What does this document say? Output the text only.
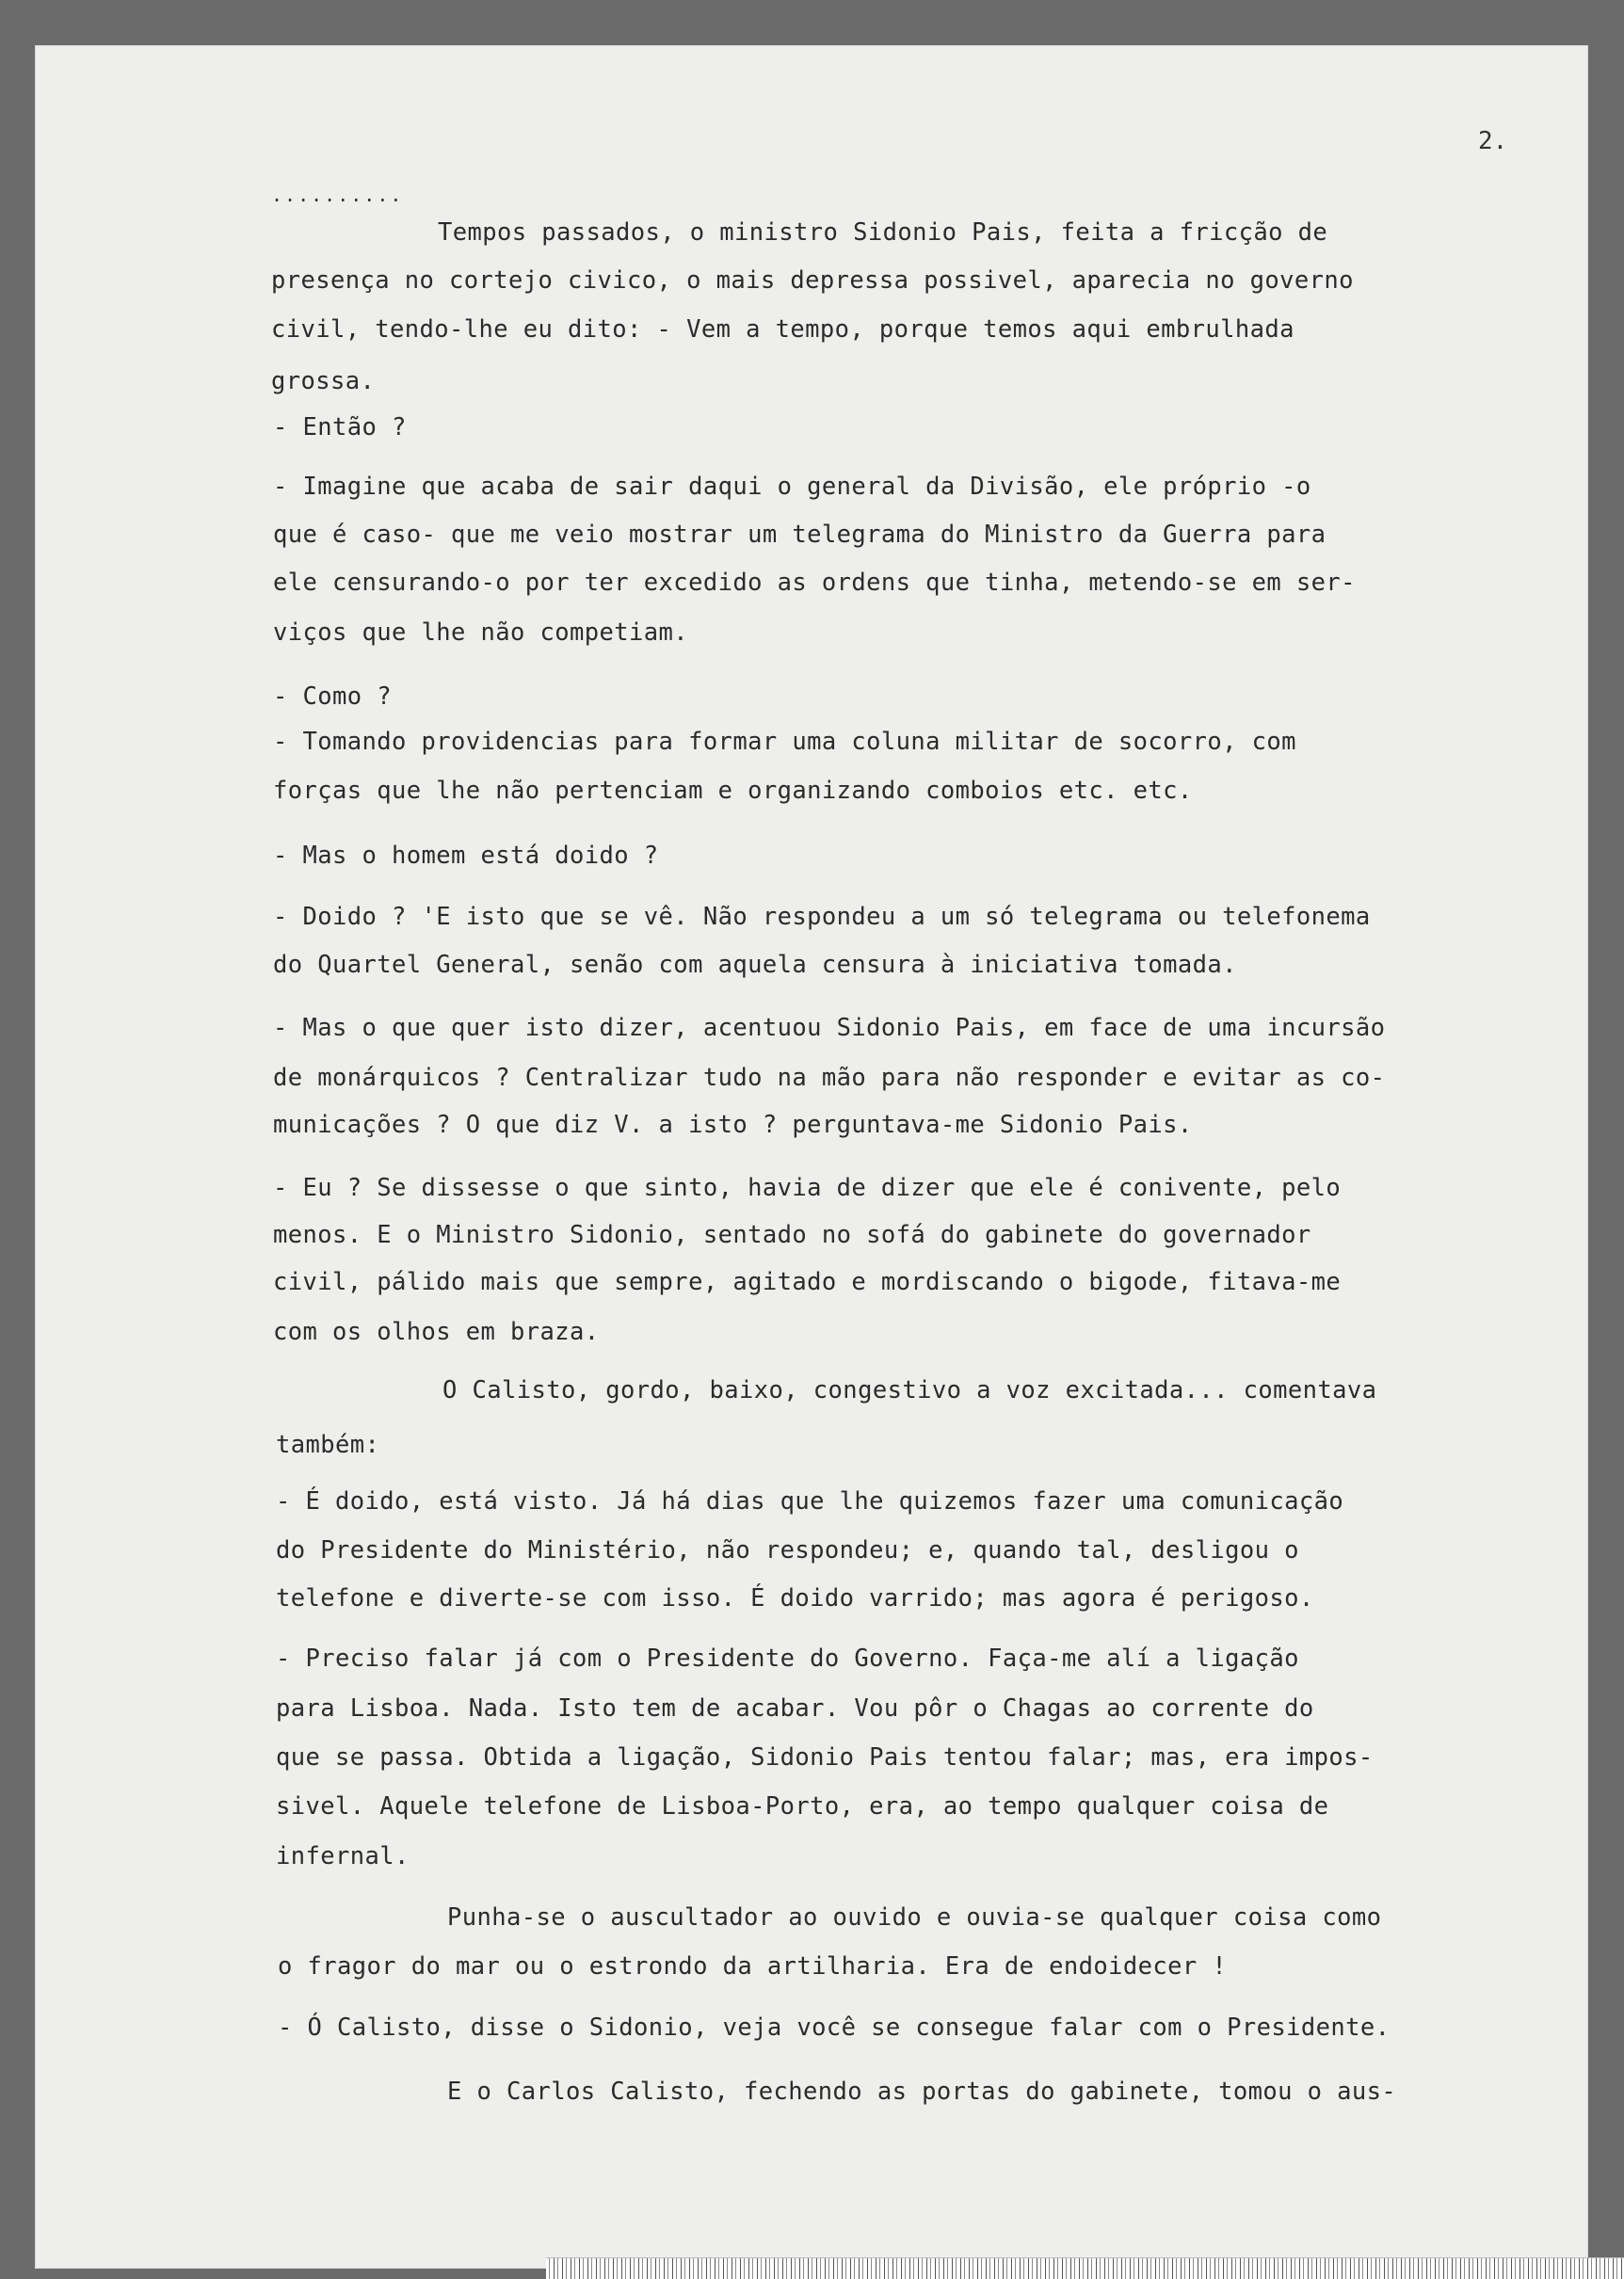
2.
..........
Tempos passados, o ministro Sidonio Pais, feita a fricção de
presença no cortejo civico, o mais depressa possivel, aparecia no governo
civil, tendo-lhe eu dito: - Vem a tempo, porque temos aqui embrulhada
grossa.
- Então ?
- Imagine que acaba de sair daqui o general da Divisão, ele próprio -o
que é caso- que me veio mostrar um telegrama do Ministro da Guerra para
ele censurando-o por ter excedido as ordens que tinha, metendo-se em ser-
viços que lhe não competiam.
- Como ?
- Tomando providencias para formar uma coluna militar de socorro, com
forças que lhe não pertenciam e organizando comboios etc. etc.
- Mas o homem está doido ?
- Doido ? 'E isto que se vê. Não respondeu a um só telegrama ou telefonema
do Quartel General, senão com aquela censura à iniciativa tomada.
- Mas o que quer isto dizer, acentuou Sidonio Pais, em face de uma incursão
de monárquicos ? Centralizar tudo na mão para não responder e evitar as co-
municações ? O que diz V. a isto ? perguntava-me Sidonio Pais.
- Eu ? Se dissesse o que sinto, havia de dizer que ele é conivente, pelo
menos. E o Ministro Sidonio, sentado no sofá do gabinete do governador
civil, pálido mais que sempre, agitado e mordiscando o bigode, fitava-me
com os olhos em braza.
O Calisto, gordo, baixo, congestivo a voz excitada... comentava
também:
- É doido, está visto. Já há dias que lhe quizemos fazer uma comunicação
do Presidente do Ministério, não respondeu; e, quando tal, desligou o
telefone e diverte-se com isso. É doido varrido; mas agora é perigoso.
- Preciso falar já com o Presidente do Governo. Faça-me alí a ligação
para Lisboa. Nada. Isto tem de acabar. Vou pôr o Chagas ao corrente do
que se passa. Obtida a ligação, Sidonio Pais tentou falar; mas, era impos-
sivel. Aquele telefone de Lisboa-Porto, era, ao tempo qualquer coisa de
infernal.
Punha-se o auscultador ao ouvido e ouvia-se qualquer coisa como
o fragor do mar ou o estrondo da artilharia. Era de endoidecer !
- Ó Calisto, disse o Sidonio, veja você se consegue falar com o Presidente.
E o Carlos Calisto, fechendo as portas do gabinete, tomou o aus-
